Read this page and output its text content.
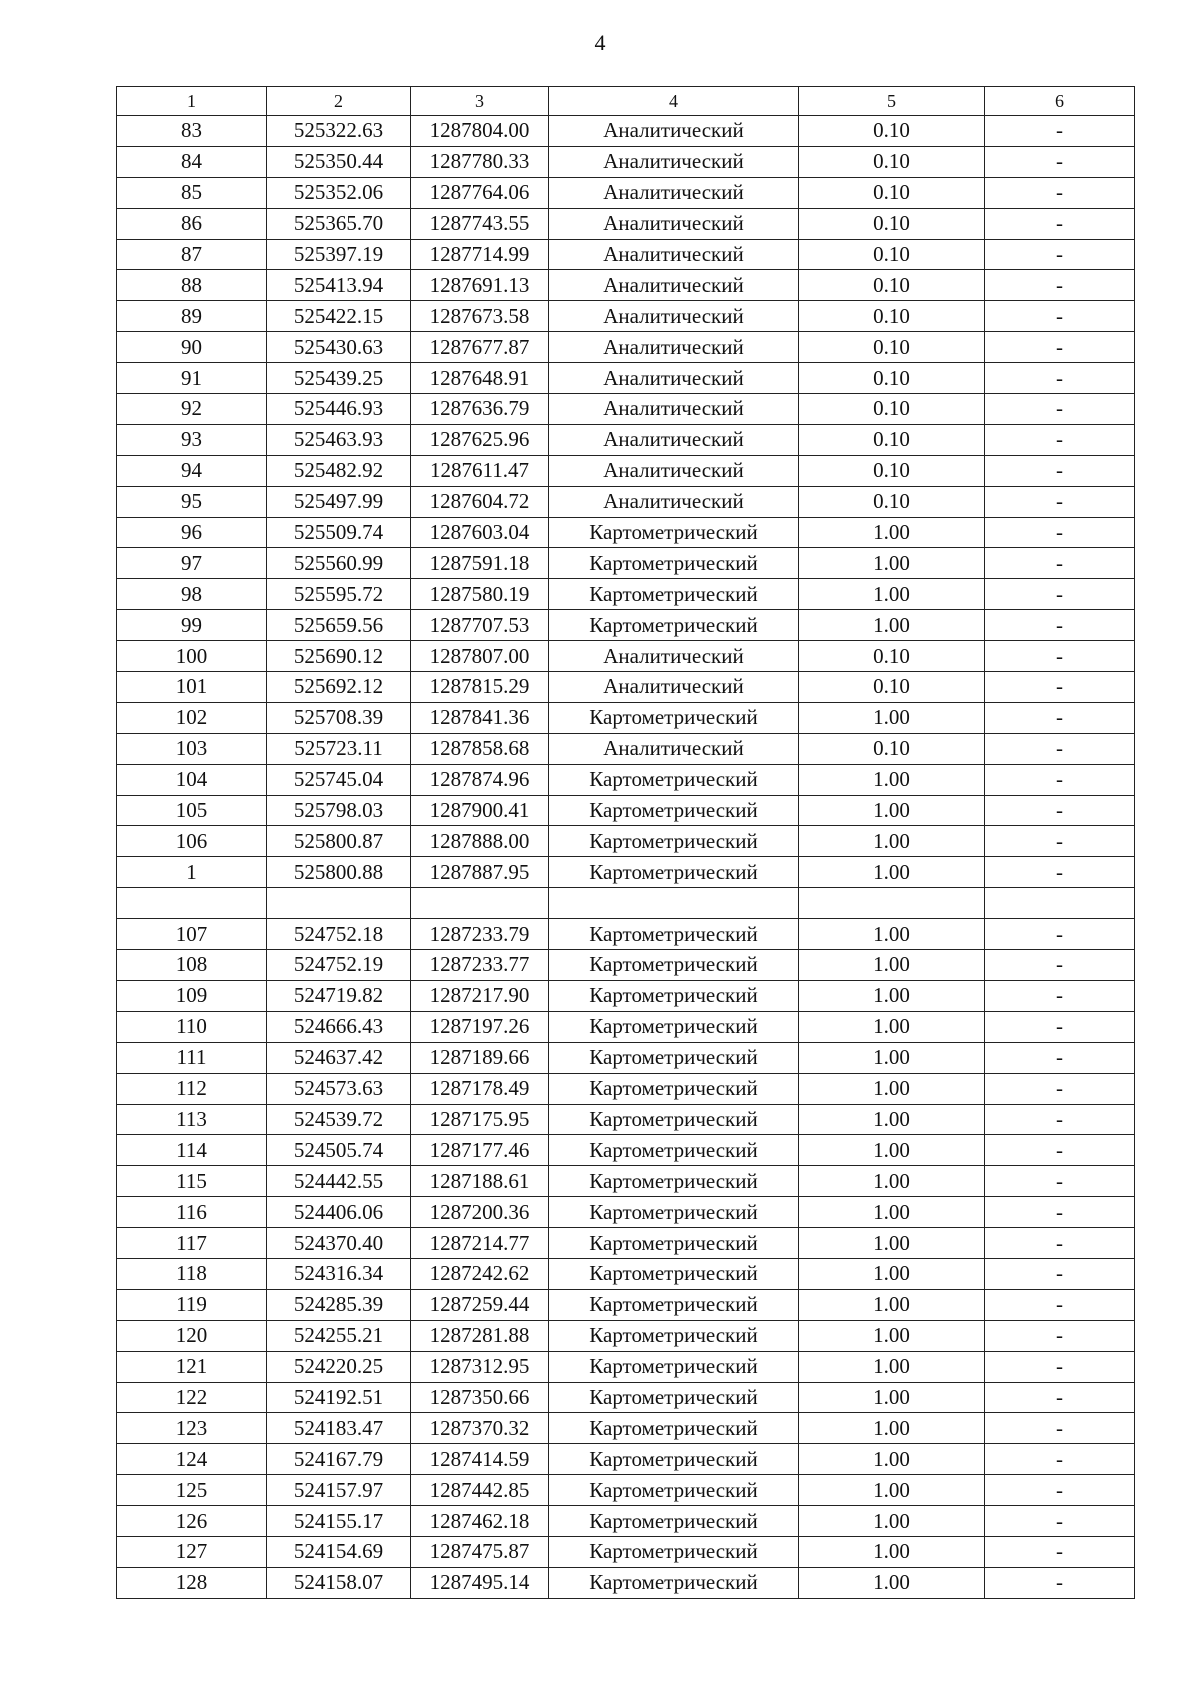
4
1	2	3	4	5	6
83	525322.63	1287804.00	Аналитический	0.10	-
84	525350.44	1287780.33	Аналитический	0.10	-
85	525352.06	1287764.06	Аналитический	0.10	-
86	525365.70	1287743.55	Аналитический	0.10	-
87	525397.19	1287714.99	Аналитический	0.10	-
88	525413.94	1287691.13	Аналитический	0.10	-
89	525422.15	1287673.58	Аналитический	0.10	-
90	525430.63	1287677.87	Аналитический	0.10	-
91	525439.25	1287648.91	Аналитический	0.10	-
92	525446.93	1287636.79	Аналитический	0.10	-
93	525463.93	1287625.96	Аналитический	0.10	-
94	525482.92	1287611.47	Аналитический	0.10	-
95	525497.99	1287604.72	Аналитический	0.10	-
96	525509.74	1287603.04	Картометрический	1.00	-
97	525560.99	1287591.18	Картометрический	1.00	-
98	525595.72	1287580.19	Картометрический	1.00	-
99	525659.56	1287707.53	Картометрический	1.00	-
100	525690.12	1287807.00	Аналитический	0.10	-
101	525692.12	1287815.29	Аналитический	0.10	-
102	525708.39	1287841.36	Картометрический	1.00	-
103	525723.11	1287858.68	Аналитический	0.10	-
104	525745.04	1287874.96	Картометрический	1.00	-
105	525798.03	1287900.41	Картометрический	1.00	-
106	525800.87	1287888.00	Картометрический	1.00	-
1	525800.88	1287887.95	Картометрический	1.00	-

107	524752.18	1287233.79	Картометрический	1.00	-
108	524752.19	1287233.77	Картометрический	1.00	-
109	524719.82	1287217.90	Картометрический	1.00	-
110	524666.43	1287197.26	Картометрический	1.00	-
111	524637.42	1287189.66	Картометрический	1.00	-
112	524573.63	1287178.49	Картометрический	1.00	-
113	524539.72	1287175.95	Картометрический	1.00	-
114	524505.74	1287177.46	Картометрический	1.00	-
115	524442.55	1287188.61	Картометрический	1.00	-
116	524406.06	1287200.36	Картометрический	1.00	-
117	524370.40	1287214.77	Картометрический	1.00	-
118	524316.34	1287242.62	Картометрический	1.00	-
119	524285.39	1287259.44	Картометрический	1.00	-
120	524255.21	1287281.88	Картометрический	1.00	-
121	524220.25	1287312.95	Картометрический	1.00	-
122	524192.51	1287350.66	Картометрический	1.00	-
123	524183.47	1287370.32	Картометрический	1.00	-
124	524167.79	1287414.59	Картометрический	1.00	-
125	524157.97	1287442.85	Картометрический	1.00	-
126	524155.17	1287462.18	Картометрический	1.00	-
127	524154.69	1287475.87	Картометрический	1.00	-
128	524158.07	1287495.14	Картометрический	1.00	-
